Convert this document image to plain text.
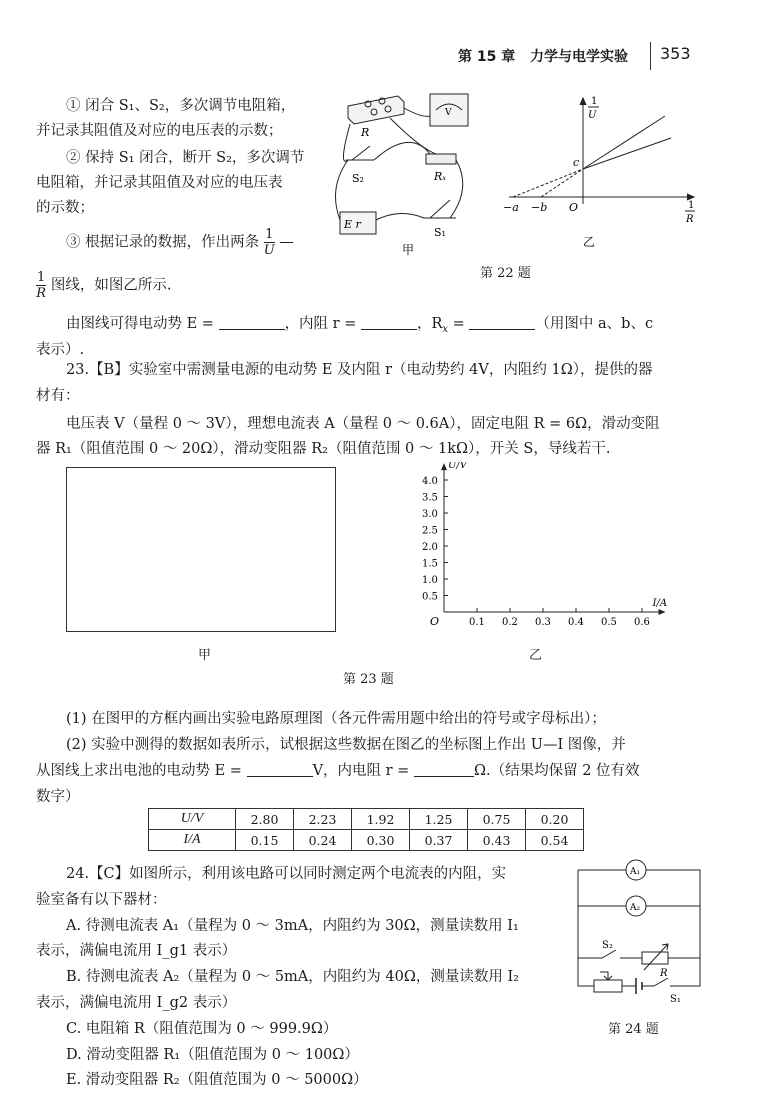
第 15 章 力学与电学实验 353
① 闭合 S₁、S₂，多次调节电阻箱，
并记录其阻值及对应的电压表的示数；
② 保持 S₁ 闭合，断开 S₂，多次调节
电阻箱，并记录其阻值及对应的电压表
的示数；
③ 根据记录的数据，作出两条 $\frac{1}{U}$ —
$\frac{1}{R}$ 图线，如图乙所示.
由图线可得电动势 E =	，内阻 r =	，$R_x$ =	（用图中 a、b、c
表示）.
R
V
S₂	Rₓ
E r
S₁
甲
1
U
c
−a −b O	1
R
乙
第 22 题
23.【B】实验室中需测量电源的电动势 E 及内阻 r（电动势约 4V，内阻约 1Ω），提供的器
材有：
电压表 V（量程 0 ～ 3V），理想电流表 A（量程 0 ～ 0.6A），固定电阻 R = 6Ω，滑动变阻
器 R₁（阻值范围 0 ～ 20Ω），滑动变阻器 R₂（阻值范围 0 ～ 1kΩ），开关 S，导线若干.
甲
0.1 0.2 0.3 0.4 0.5 0.6
0.5
1.0
1.5
2.0
2.5
3.0
3.5
4.0
U/V
I/A
O
乙
第 23 题
(1) 在图甲的方框内画出实验电路原理图（各元件需用题中给出的符号或字母标出）；
(2) 实验中测得的数据如表所示，试根据这些数据在图乙的坐标图上作出 U—I 图像，并
从图线上求出电池的电动势 E =	V，内电阻 r =	Ω.（结果均保留 2 位有效
数字）
U/V	2.80	2.23	1.92	1.25	0.75	0.20
I/A	0.15	0.24	0.30	0.37	0.43	0.54
24.【C】如图所示，利用该电路可以同时测定两个电流表的内阻，实
验室备有以下器材：
A. 待测电流表 A₁（量程为 0 ～ 3mA，内阻约为 30Ω，测量读数用 I₁
表示，满偏电流用 I_g1 表示）
B. 待测电流表 A₂（量程为 0 ～ 5mA，内阻约为 40Ω，测量读数用 I₂
表示，满偏电流用 I_g2 表示）
C. 电阻箱 R（阻值范围为 0 ～ 999.9Ω）
D. 滑动变阻器 R₁（阻值范围为 0 ～ 100Ω）
E. 滑动变阻器 R₂（阻值范围为 0 ～ 5000Ω）
A₁
A₂
S₂
R
S₁
第 24 题
